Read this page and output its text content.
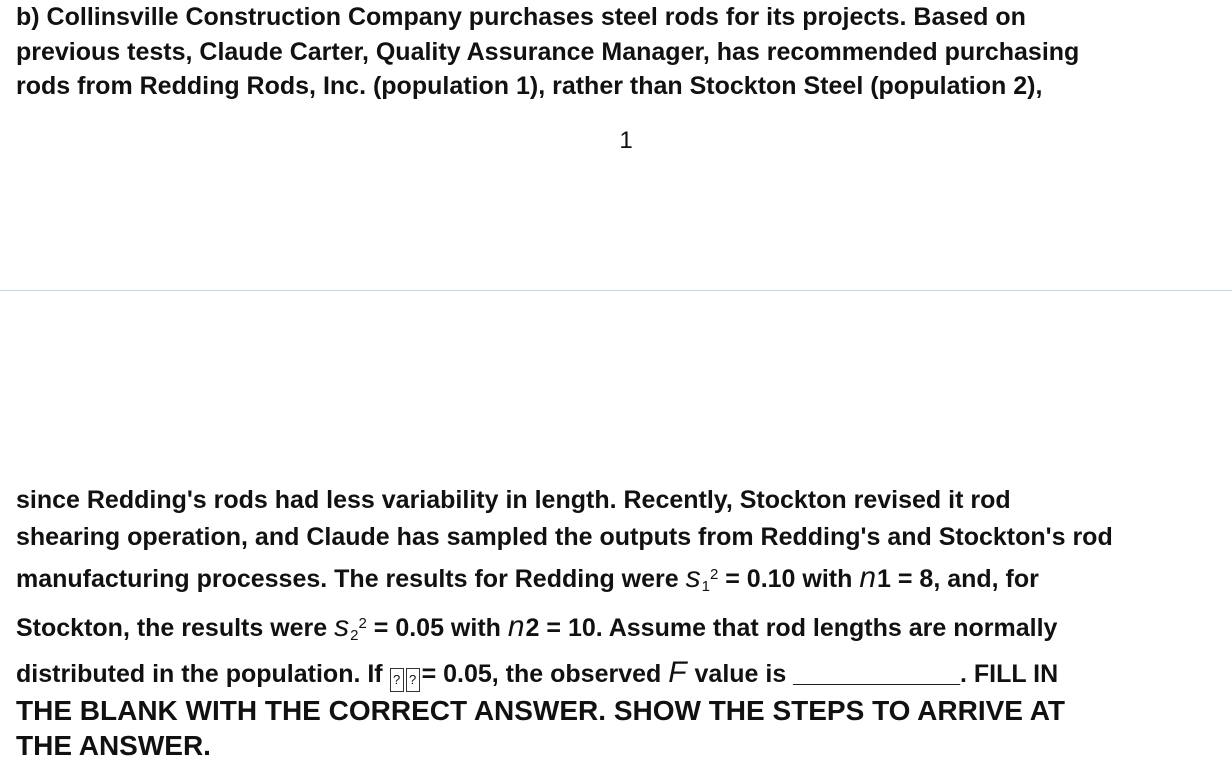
b) Collinsville Construction Company purchases steel rods for its projects. Based on
previous tests, Claude Carter, Quality Assurance Manager, has recommended purchasing
rods from Redding Rods, Inc. (population 1), rather than Stockton Steel (population 2),
1
since Redding's rods had less variability in length. Recently, Stockton revised it rod
shearing operation, and Claude has sampled the outputs from Redding's and Stockton's rod
manufacturing processes. The results for Redding were $s_1^2 = 0.10$ with n1 = 8, and, for
Stockton, the results were $s_2^2 = 0.05$ with n2 = 10. Assume that rod lengths are normally
distributed in the population. If ? ? = 0.05, the observed F value is ____________. FILL IN
THE BLANK WITH THE CORRECT ANSWER. SHOW THE STEPS TO ARRIVE AT
THE ANSWER.
